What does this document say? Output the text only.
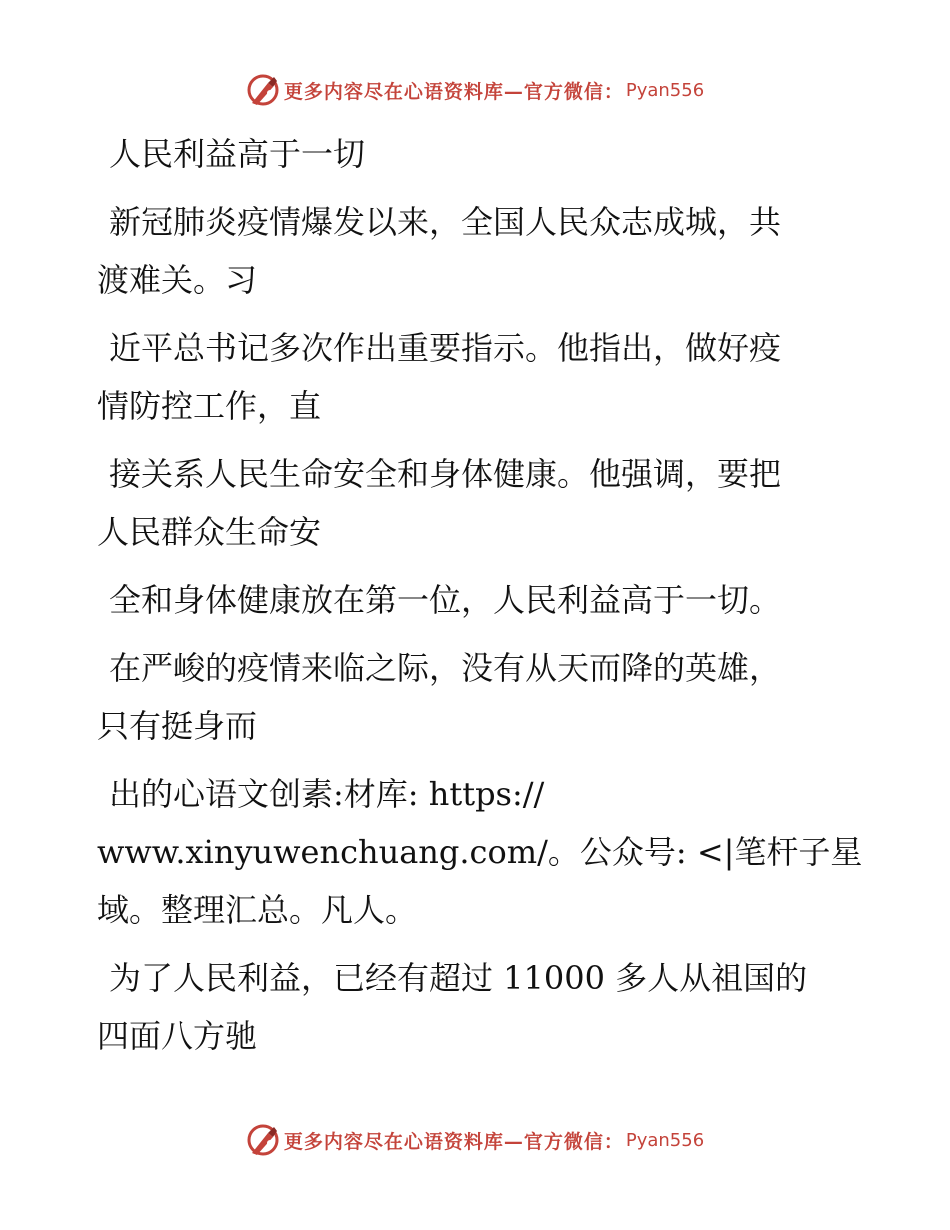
更多内容尽在心语资料库—官方微信： Pyan556

人民利益高于一切

新冠肺炎疫情爆发以来，全国人民众志成城，共
渡难关。习

近平总书记多次作出重要指示。他指出，做好疫
情防控工作，直

接关系人民生命安全和身体健康。他强调，要把
人民群众生命安

全和身体健康放在第一位，人民利益高于一切。

在严峻的疫情来临之际，没有从天而降的英雄，
只有挺身而

出的心语文创素:材库: https://
www.xinyuwenchuang.com/。公众号: <|笔杆子星
域。整理汇总。凡人。

为了人民利益，已经有超过 11000 多人从祖国的
四面八方驰

更多内容尽在心语资料库—官方微信： Pyan556
